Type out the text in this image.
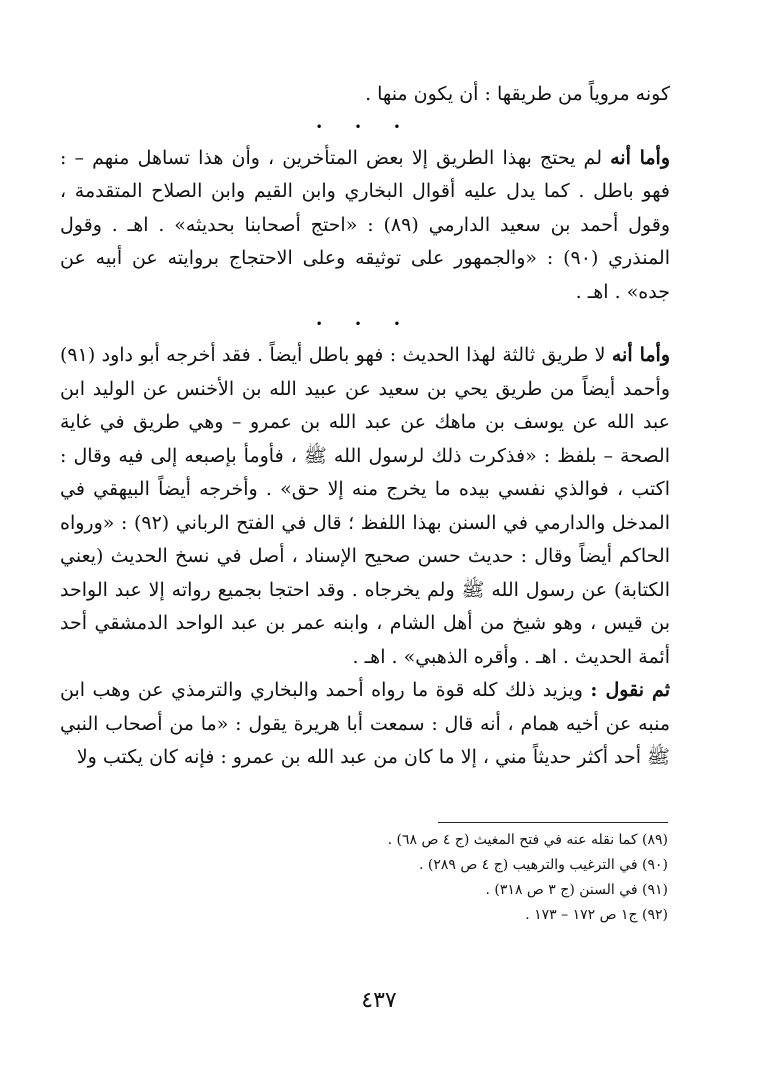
كونه مروياً من طريقها : أن يكون منها .

• • •

وأما أنه لم يحتج بهذا الطريق إلا بعض المتأخرين ، وأن هذا تساهل منهم – : فهو باطل . كما يدل عليه أقوال البخاري وابن القيم وابن الصلاح المتقدمة ، وقول أحمد بن سعيد الدارمي (٨٩) : «احتج أصحابنا بحديثه» . اهـ . وقول المنذري (٩٠) : «والجمهور على توثيقه وعلى الاحتجاج بروايته عن أبيه عن جده» . اهـ .

• • •

وأما أنه لا طريق ثالثة لهذا الحديث : فهو باطل أيضاً . فقد أخرجه أبو داود (٩١) وأحمد أيضاً من طريق يحي بن سعيد عن عبيد الله بن الأخنس عن الوليد ابن عبد الله عن يوسف بن ماهك عن عبد الله بن عمرو – وهي طريق في غاية الصحة – بلفظ : «فذكرت ذلك لرسول الله ﷺ ، فأومأ بإصبعه إلى فيه وقال : اكتب ، فوالذي نفسي بيده ما يخرج منه إلا حق» . وأخرجه أيضاً البيهقي في المدخل والدارمي في السنن بهذا اللفظ ؛ قال في الفتح الرباني (٩٢) : «ورواه الحاكم أيضاً وقال : حديث حسن صحيح الإسناد ، أصل في نسخ الحديث (يعني الكتابة) عن رسول الله ﷺ ولم يخرجاه . وقد احتجا بجميع رواته إلا عبد الواحد بن قيس ، وهو شيخ من أهل الشام ، وابنه عمر بن عبد الواحد الدمشقي أحد أئمة الحديث . اهـ . وأقره الذهبي» . اهـ .

ثم نقول : ويزيد ذلك كله قوة ما رواه أحمد والبخاري والترمذي عن وهب ابن منبه عن أخيه همام ، أنه قال : سمعت أبا هريرة يقول : «ما من أصحاب النبي ﷺ أحد أكثر حديثاً مني ، إلا ما كان من عبد الله بن عمرو : فإنه كان يكتب ولا

(٨٩) كما نقله عنه في فتح المغيث (ج ٤ ص ٦٨) .

(٩٠) في الترغيب والترهيب (ج ٤ ص ٢٨٩) .

(٩١) في السنن (ج ٣ ص ٣١٨) .

(٩٢) ج١ ص ١٧٢ – ١٧٣ .

٤٣٧
